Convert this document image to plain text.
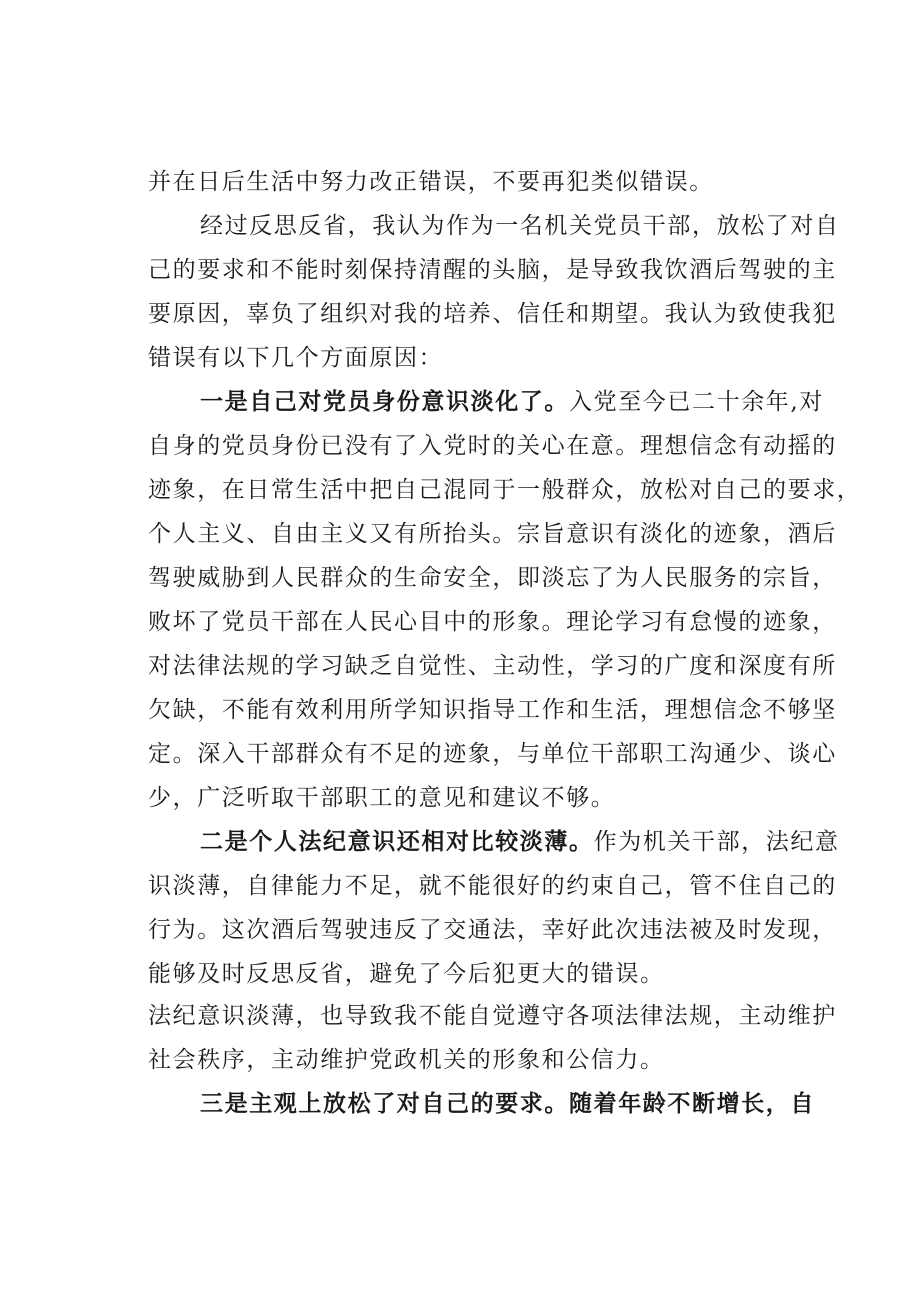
并在日后生活中努力改正错误，不要再犯类似错误。
经过反思反省，我认为作为一名机关党员干部，放松了对自
己的要求和不能时刻保持清醒的头脑，是导致我饮酒后驾驶的主
要原因，辜负了组织对我的培养、信任和期望。我认为致使我犯
错误有以下几个方面原因：
一是自己对党员身份意识淡化了。入党至今已二十余年,对
自身的党员身份已没有了入党时的关心在意。理想信念有动摇的
迹象，在日常生活中把自己混同于一般群众，放松对自己的要求，
个人主义、自由主义又有所抬头。宗旨意识有淡化的迹象，酒后
驾驶威胁到人民群众的生命安全，即淡忘了为人民服务的宗旨，
败坏了党员干部在人民心目中的形象。理论学习有怠慢的迹象，
对法律法规的学习缺乏自觉性、主动性，学习的广度和深度有所
欠缺，不能有效利用所学知识指导工作和生活，理想信念不够坚
定。深入干部群众有不足的迹象，与单位干部职工沟通少、谈心
少，广泛听取干部职工的意见和建议不够。
二是个人法纪意识还相对比较淡薄。作为机关干部，法纪意
识淡薄，自律能力不足，就不能很好的约束自己，管不住自己的
行为。这次酒后驾驶违反了交通法，幸好此次违法被及时发现，
能够及时反思反省，避免了今后犯更大的错误。
法纪意识淡薄，也导致我不能自觉遵守各项法律法规，主动维护
社会秩序，主动维护党政机关的形象和公信力。
三是主观上放松了对自己的要求。随着年龄不断增长，自
